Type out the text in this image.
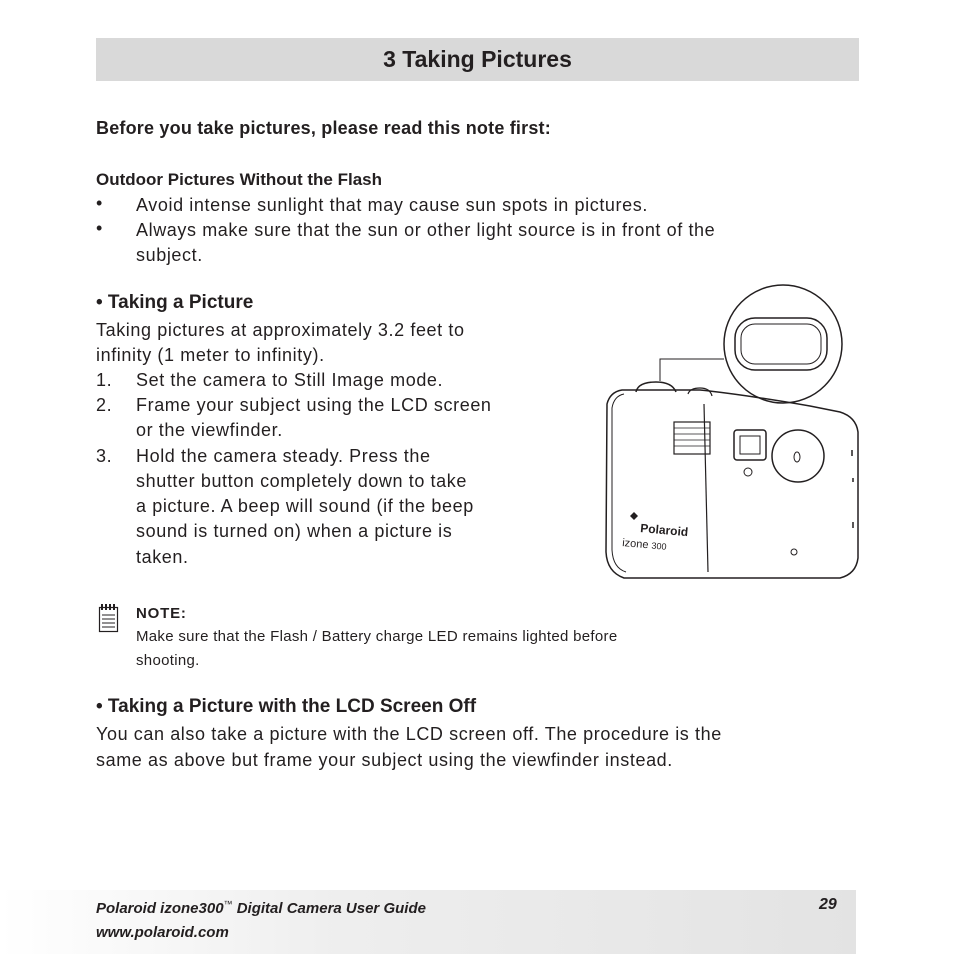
3 Taking Pictures
Before you take pictures, please read this note first:
Outdoor Pictures Without the Flash
• Avoid intense sunlight that may cause sun spots in pictures.
• Always make sure that the sun or other light source is in front of the
subject.
• Taking a Picture
Taking pictures at approximately 3.2 feet to
infinity (1 meter to infinity).
1. Set the camera to Still Image mode.
2. Frame your subject using the LCD screen
or the viewfinder.
3. Hold the camera steady. Press the
shutter button completely down to take
a picture. A beep will sound (if the beep
sound is turned on) when a picture is
taken.
Polaroid
izone 300
NOTE:
Make sure that the Flash / Battery charge LED remains lighted before
shooting.
• Taking a Picture with the LCD Screen Off
You can also take a picture with the LCD screen off. The procedure is the
same as above but frame your subject using the viewfinder instead.
Polaroid izone300™ Digital Camera User Guide
www.polaroid.com
29
